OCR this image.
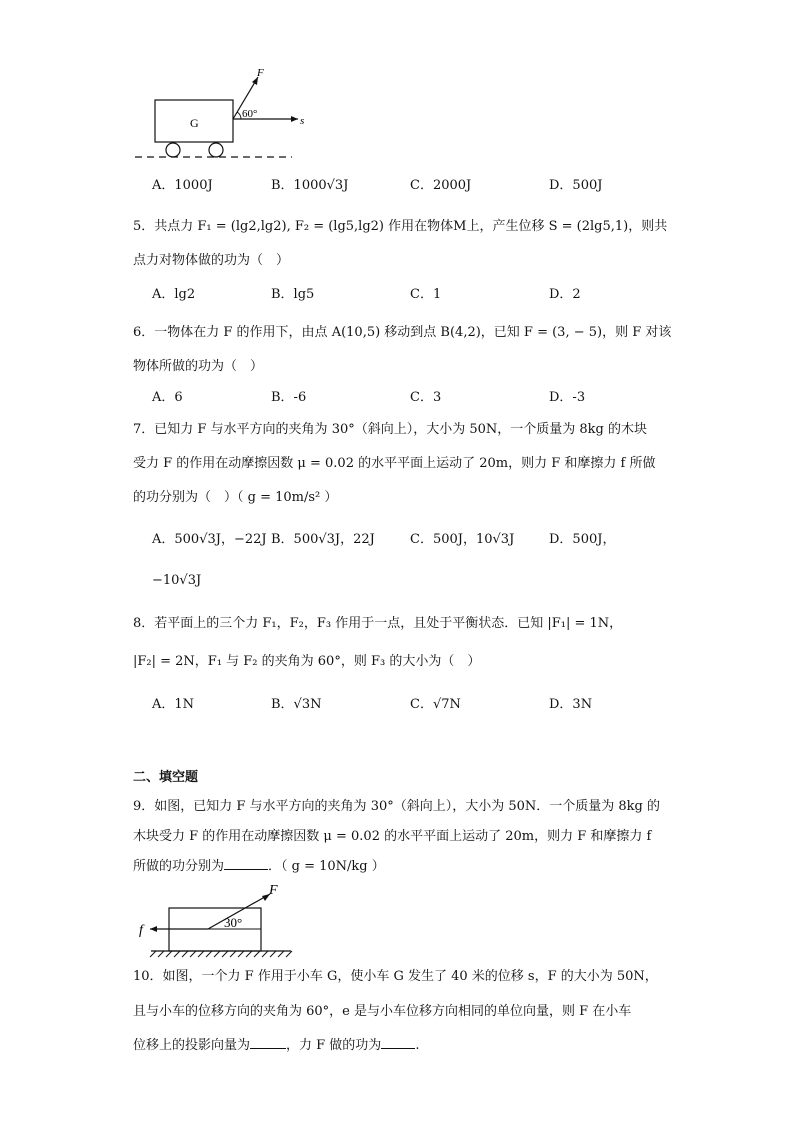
G
F
s
60°
A．1000J	B．1000√3J	C．2000J	D．500J
5．共点力 F₁ = (lg2,lg2), F₂ = (lg5,lg2) 作用在物体M上，产生位移 S = (2lg5,1)，则共
点力对物体做的功为（　）
A．lg2	B．lg5	C．1	D．2
6．一物体在力 F 的作用下，由点 A(10,5) 移动到点 B(4,2)，已知 F = (3, − 5)，则 F 对该
物体所做的功为（　）
A．6	B．-6	C．3	D．-3
7．已知力 F 与水平方向的夹角为 30°（斜向上），大小为 50N，一个质量为 8kg 的木块
受力 F 的作用在动摩擦因数 μ = 0.02 的水平平面上运动了 20m，则力 F 和摩擦力 f 所做
的功分别为（　）（ g = 10m/s² ）
A．500√3J，−22J B．500√3J，22J	C．500J，10√3J	D．500J，
−10√3J
8．若平面上的三个力 F₁，F₂，F₃ 作用于一点，且处于平衡状态．已知 |F₁| = 1N，
|F₂| = 2N，F₁ 与 F₂ 的夹角为 60°，则 F₃ 的大小为（　）
A．1N	B．√3N	C．√7N	D．3N
二、填空题
9．如图，已知力 F 与水平方向的夹角为 30°（斜向上），大小为 50N．一个质量为 8kg 的
木块受力 F 的作用在动摩擦因数 μ = 0.02 的水平平面上运动了 20m，则力 F 和摩擦力 f
所做的功分别为	．（ g = 10N/kg ）
F
f
30°
10．如图，一个力 F 作用于小车 G，使小车 G 发生了 40 米的位移 s，F 的大小为 50N，
且与小车的位移方向的夹角为 60°，e 是与小车位移方向相同的单位向量，则 F 在小车
位移上的投影向量为	，力 F 做的功为	.
